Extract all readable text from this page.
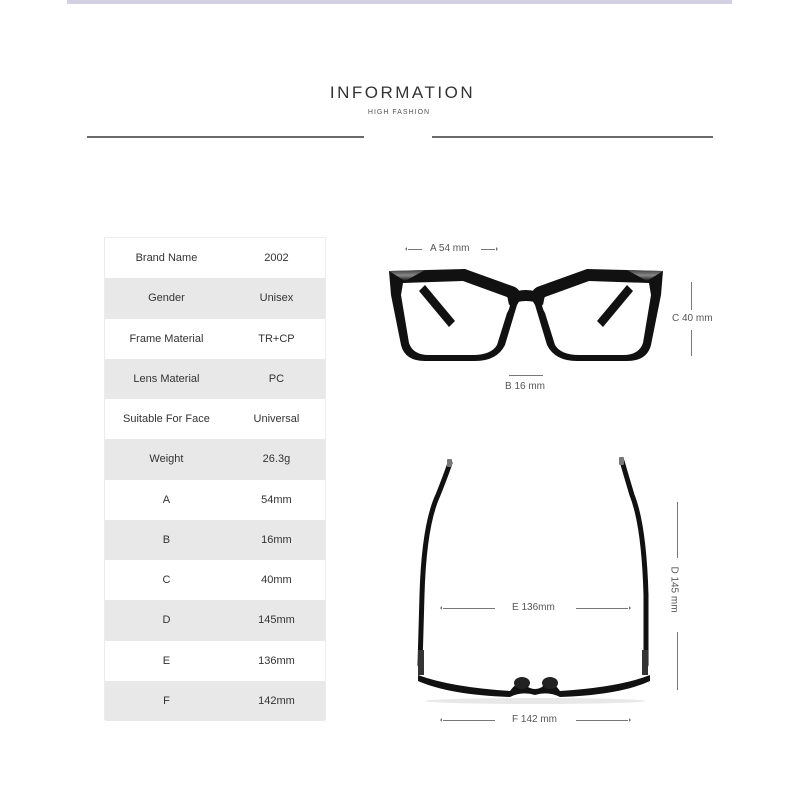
INFORMATION
HIGH FASHION
Brand Name	2002
Gender	Unisex
Frame Material	TR+CP
Lens Material	PC
Suitable For Face	Universal
Weight	26.3g
A	54mm
B	16mm
C	40mm
D	145mm
E	136mm
F	142mm
A 54 mm
C 40 mm
B 16 mm
E 136mm	D 145 mm
F 142 mm
